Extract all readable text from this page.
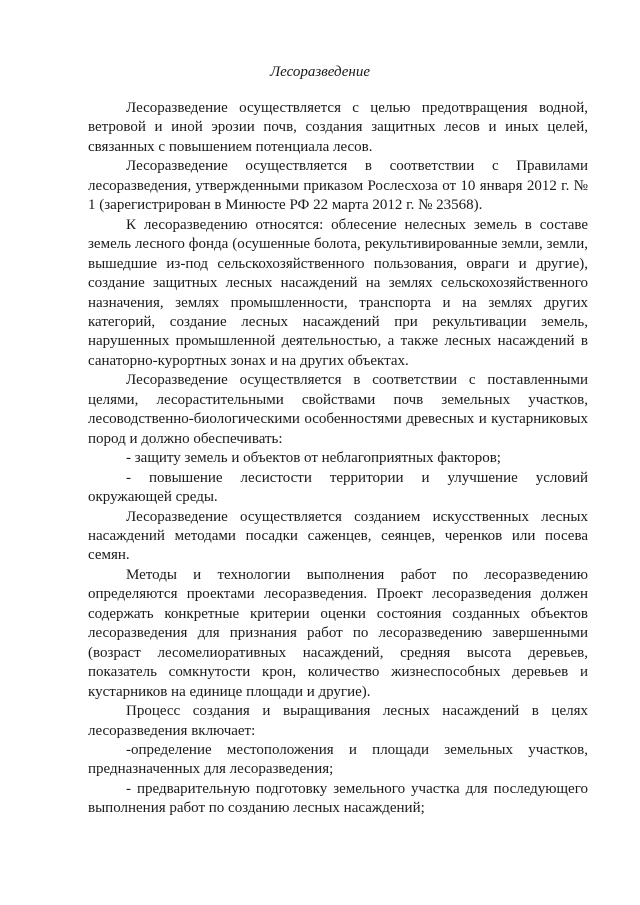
Лесоразведение

Лесоразведение осуществляется с целью предотвращения водной, ветровой и иной эрозии почв, создания защитных лесов и иных целей, связанных с повышением потенциала лесов.

Лесоразведение осуществляется в соответствии с Правилами лесоразведения, утвержденными приказом Рослесхоза от 10 января 2012 г. № 1 (зарегистрирован в Минюсте РФ 22 марта 2012 г. № 23568).

К лесоразведению относятся: облесение нелесных земель в составе земель лесного фонда (осушенные болота, рекультивированные земли, земли, вышедшие из-под сельскохозяйственного пользования, овраги и другие), создание защитных лесных насаждений на землях сельскохозяйственного назначения, землях промышленности, транспорта и на землях других категорий, создание лесных насаждений при рекультивации земель, нарушенных промышленной деятельностью, а также лесных насаждений в санаторно-курортных зонах и на других объектах.

Лесоразведение осуществляется в соответствии с поставленными целями, лесорастительными свойствами почв земельных участков, лесоводственно-биологическими особенностями древесных и кустарниковых пород и должно обеспечивать:

- защиту земель и объектов от неблагоприятных факторов;

- повышение лесистости территории и улучшение условий окружающей среды.

Лесоразведение осуществляется созданием искусственных лесных насаждений методами посадки саженцев, сеянцев, черенков или посева семян.

Методы и технологии выполнения работ по лесоразведению определяются проектами лесоразведения. Проект лесоразведения должен содержать конкретные критерии оценки состояния созданных объектов лесоразведения для признания работ по лесоразведению завершенными (возраст лесомелиоративных насаждений, средняя высота деревьев, показатель сомкнутости крон, количество жизнеспособных деревьев и кустарников на единице площади и другие).

Процесс создания и выращивания лесных насаждений в целях лесоразведения включает:

-определение местоположения и площади земельных участков, предназначенных для лесоразведения;

- предварительную подготовку земельного участка для последующего выполнения работ по созданию лесных насаждений;
